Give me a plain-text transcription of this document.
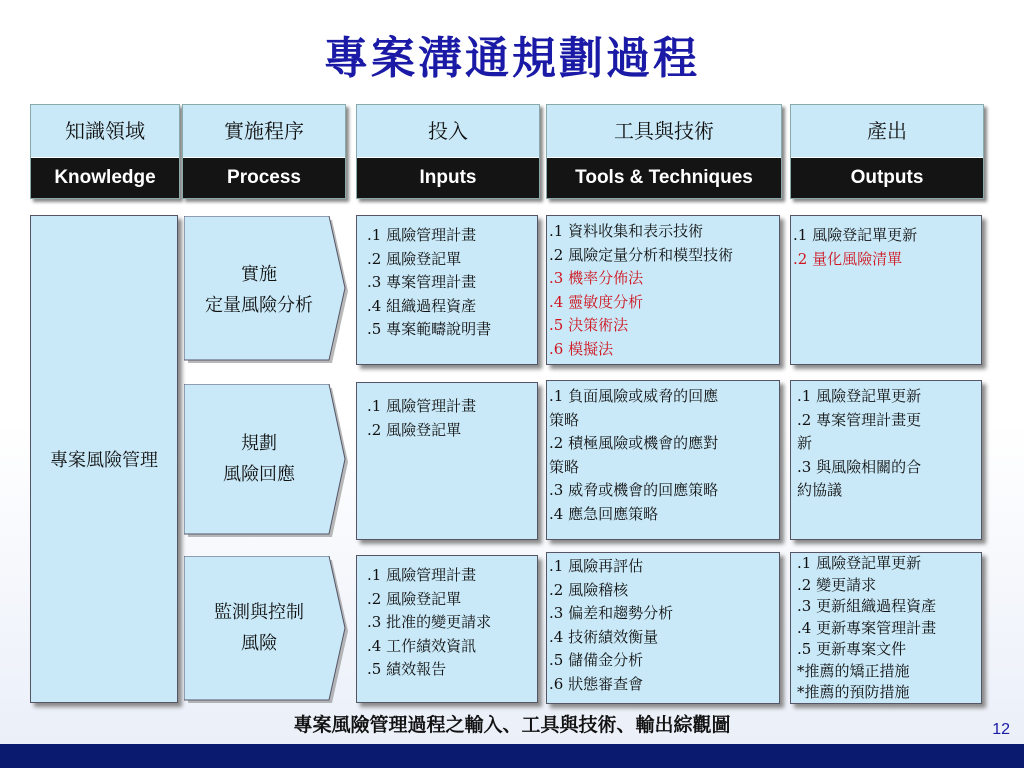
專案溝通規劃過程
知識領域
Knowledge
實施程序
Process
投入
Inputs
工具與技術
Tools & Techniques
產出
Outputs
專案風險管理
實施
定量風險分析
.1 風險管理計畫
.2 風險登記單
.3 專案管理計畫
.4 組織過程資產
.5 專案範疇說明書
.1 資料收集和表示技術
.2 風險定量分析和模型技術
.3 機率分佈法
.4 靈敏度分析
.5 決策術法
.6 模擬法
.1 風險登記單更新
.2 量化風險清單
規劃
風險回應
.1 風險管理計畫
.2 風險登記單
.1 負面風險或威脅的回應
策略
.2 積極風險或機會的應對
策略
.3 威脅或機會的回應策略
.4 應急回應策略
.1 風險登記單更新
.2 專案管理計畫更
新
.3 與風險相關的合
約協議
監測與控制
風險
.1 風險管理計畫
.2 風險登記單
.3 批准的變更請求
.4 工作績效資訊
.5 績效報告
.1 風險再評估
.2 風險稽核
.3 偏差和趨勢分析
.4 技術績效衡量
.5 儲備金分析
.6 狀態審查會
.1 風險登記單更新
.2 變更請求
.3 更新組織過程資產
.4 更新專案管理計畫
.5 更新專案文件
*推薦的矯正措施
*推薦的預防措施
專案風險管理過程之輸入、工具與技術、輸出綜觀圖	12
